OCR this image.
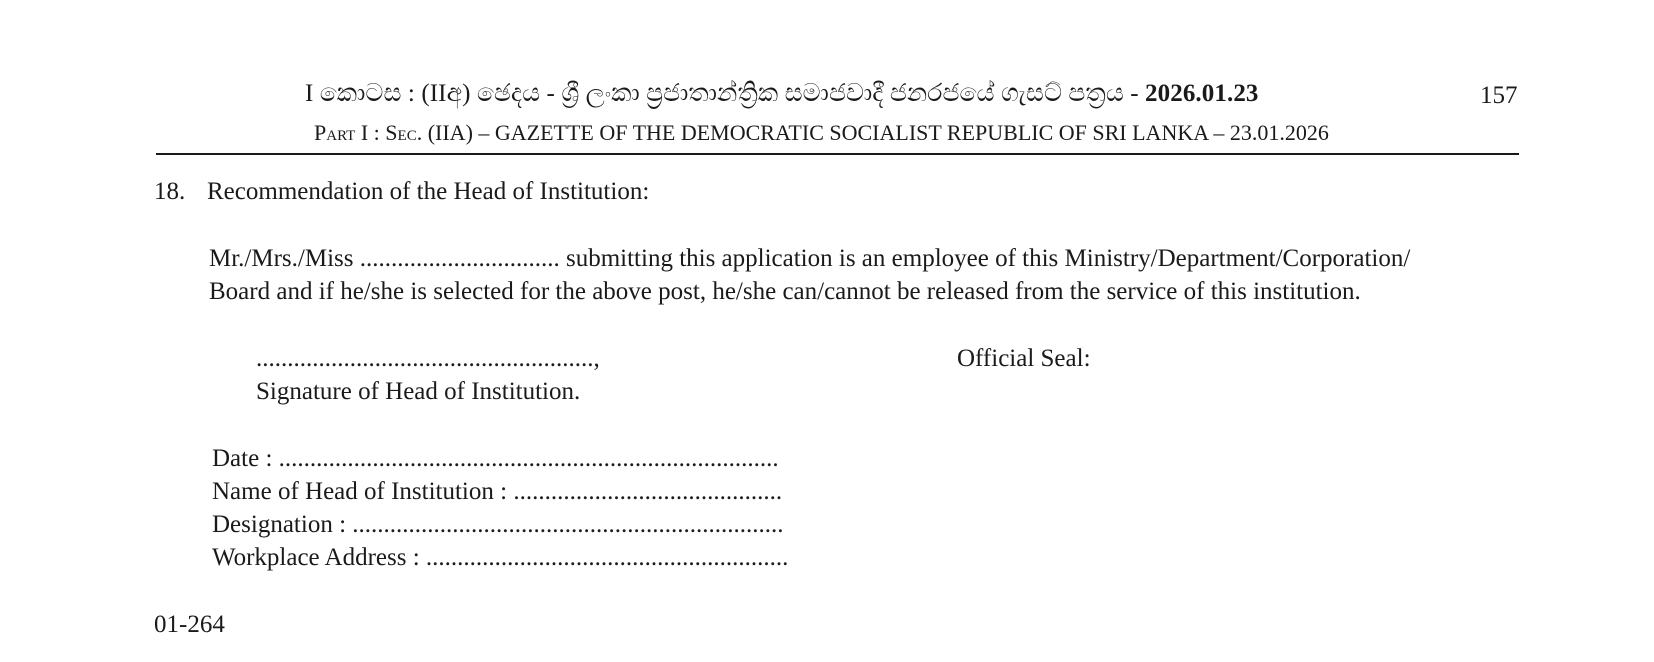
I කොටස : (IIඅ) ඡෙදය - ශ්‍රී ලංකා ප්‍රජාතාන්ත්‍රික සමාජවාදී ජනරජයේ ගැසට් පත්‍රය - 2026.01.23
Part I : Sec. (IIA) – GAZETTE OF THE DEMOCRATIC SOCIALIST REPUBLIC OF SRI LANKA – 23.01.2026
157
18. Recommendation of the Head of Institution:
Mr./Mrs./Miss ................................ submitting this application is an employee of this Ministry/Department/Corporation/
Board and if he/she is selected for the above post, he/she can/cannot be released from the service of this institution.
......................................................,
Signature of Head of Institution.
Official Seal:
Date : ................................................................................
Name of Head of Institution : ...........................................
Designation : .....................................................................
Workplace Address : ..........................................................
01-264
